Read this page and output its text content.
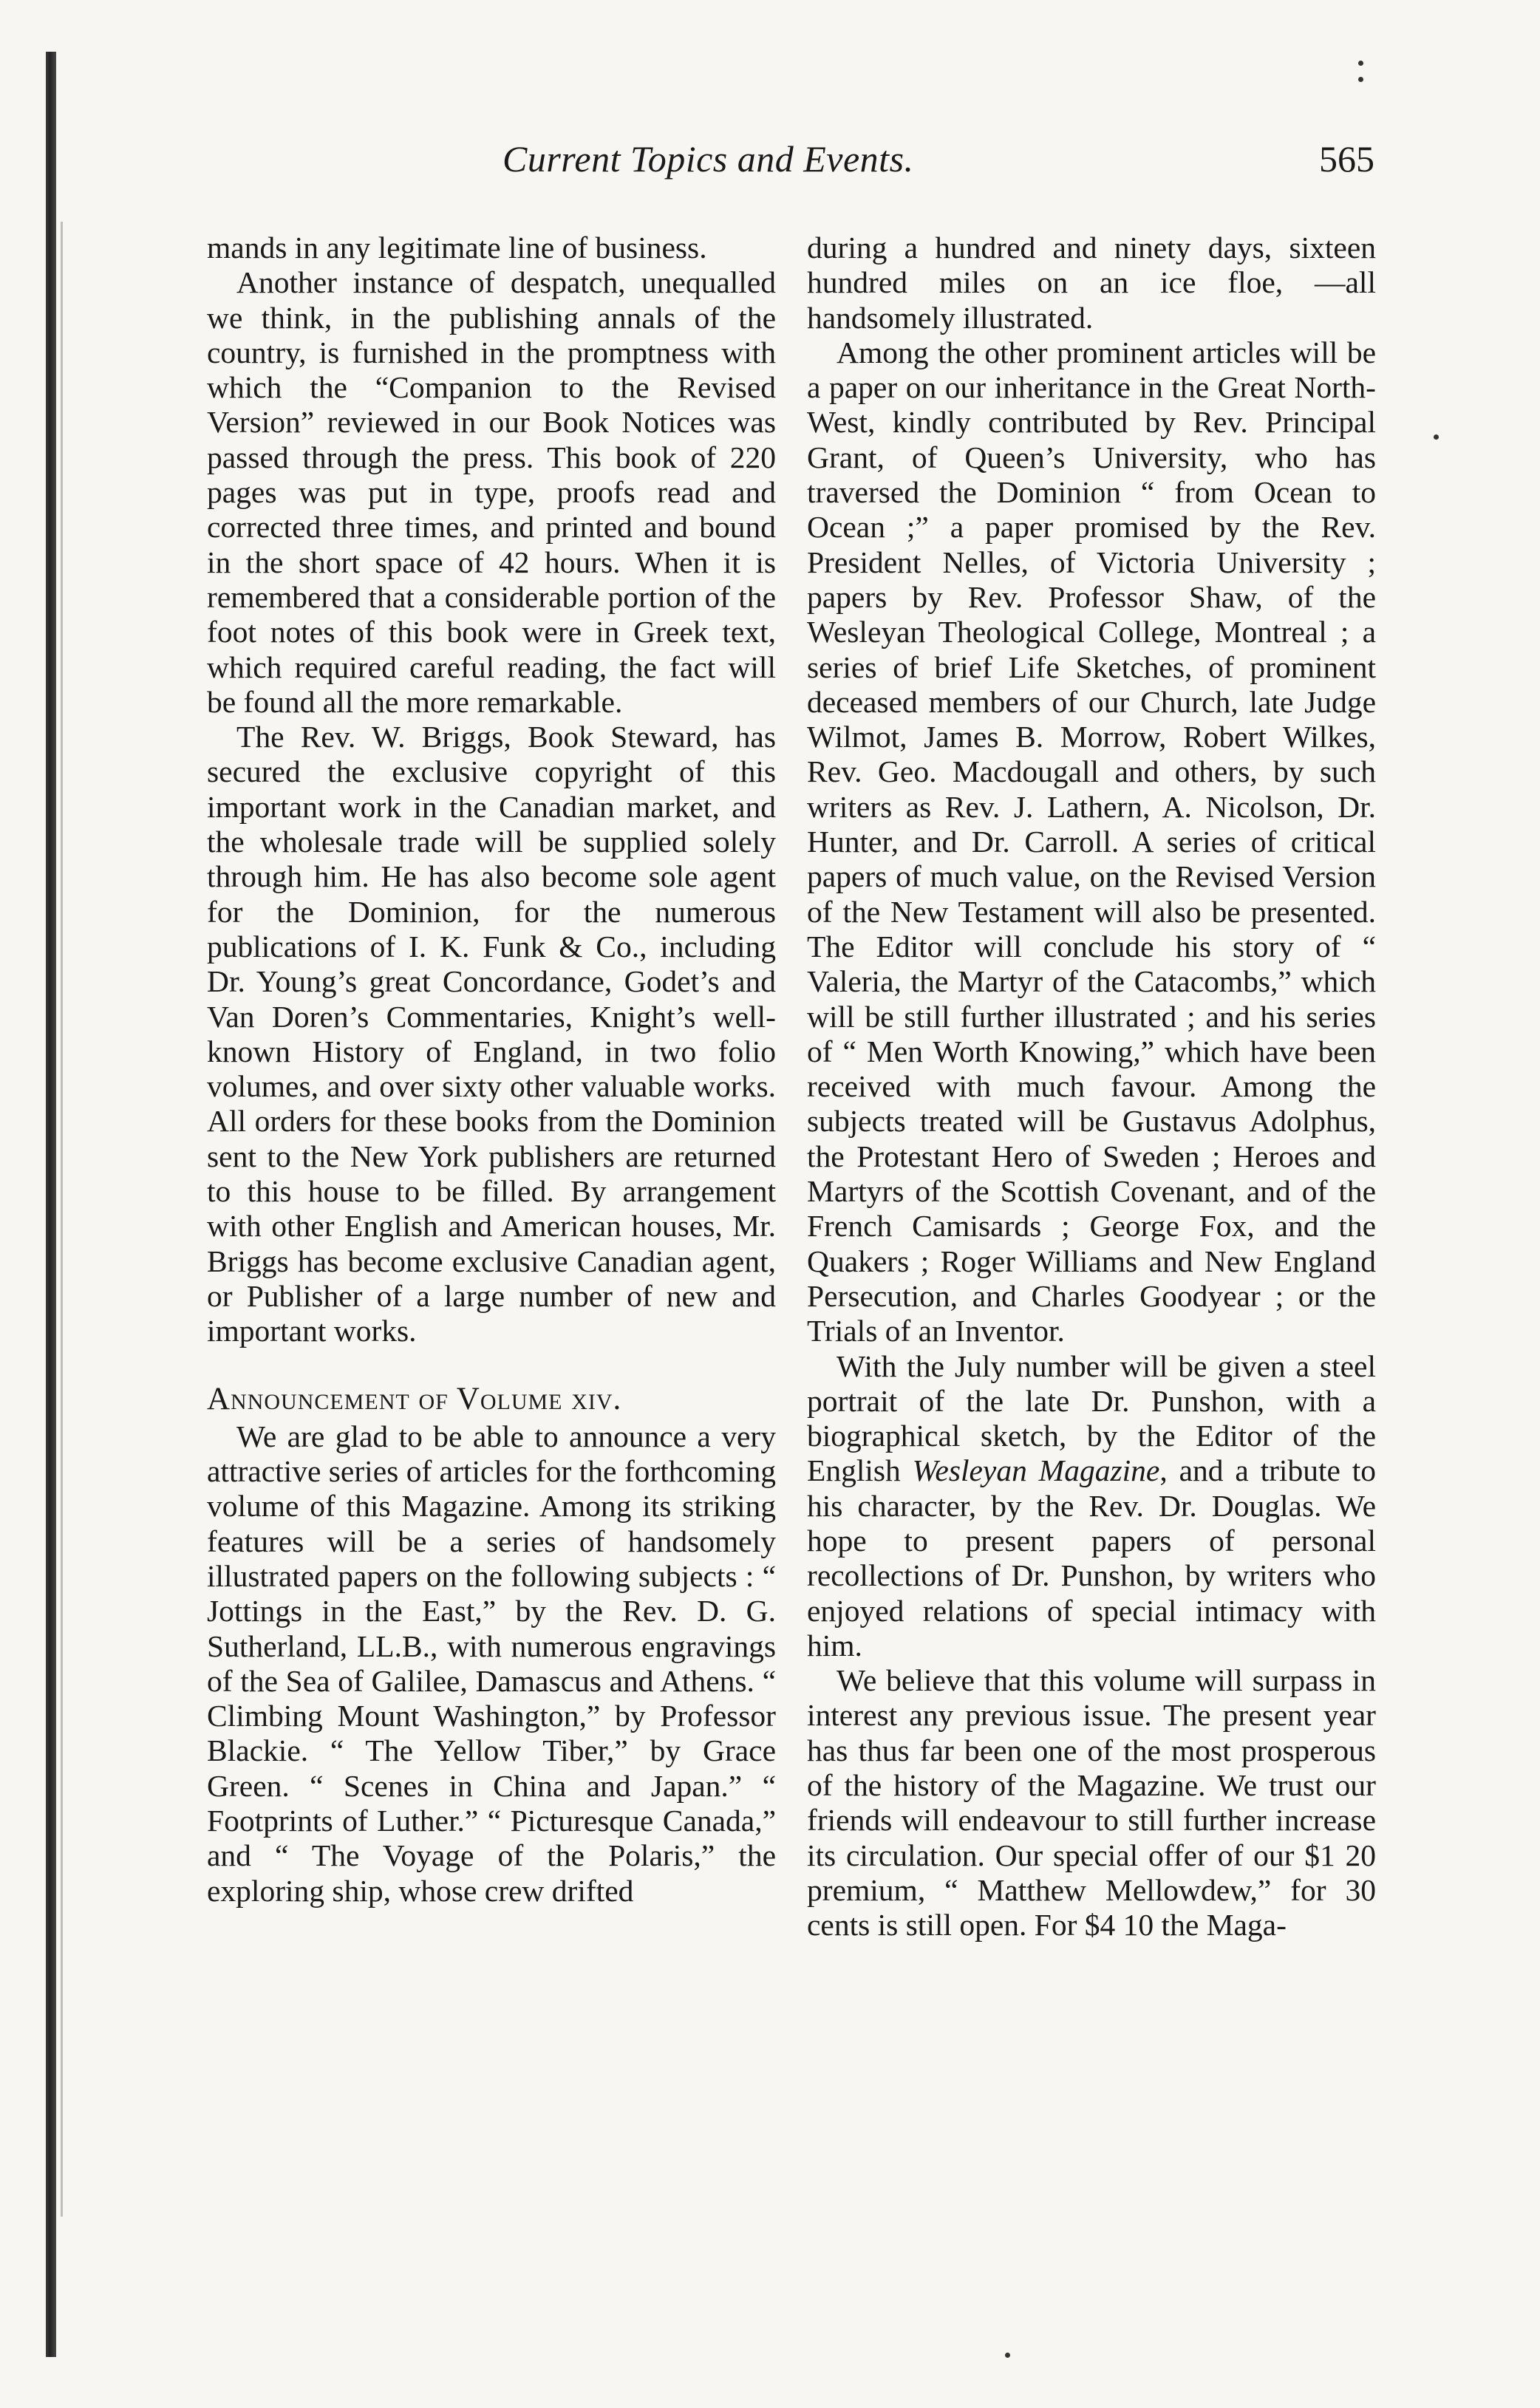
Current Topics and Events.	565

mands in any legitimate line of business.

Another instance of despatch, unequalled we think, in the publishing annals of the country, is furnished in the promptness with which the “Companion to the Revised Version” reviewed in our Book Notices was passed through the press. This book of 220 pages was put in type, proofs read and corrected three times, and printed and bound in the short space of 42 hours. When it is remembered that a considerable portion of the foot notes of this book were in Greek text, which required careful reading, the fact will be found all the more remarkable.

The Rev. W. Briggs, Book Steward, has secured the exclusive copyright of this important work in the Canadian market, and the wholesale trade will be supplied solely through him. He has also become sole agent for the Dominion, for the numerous publications of I. K. Funk & Co., including Dr. Young’s great Concordance, Godet’s and Van Doren’s Commentaries, Knight’s well-known History of England, in two folio volumes, and over sixty other valuable works. All orders for these books from the Dominion sent to the New York publishers are returned to this house to be filled. By arrangement with other English and American houses, Mr. Briggs has become exclusive Canadian agent, or Publisher of a large number of new and important works.

Announcement of Volume xiv.

We are glad to be able to announce a very attractive series of articles for the forthcoming volume of this Magazine. Among its striking features will be a series of handsomely illustrated papers on the following subjects : “ Jottings in the East,” by the Rev. D. G. Sutherland, LL.B., with numerous engravings of the Sea of Galilee, Damascus and Athens. “ Climbing Mount Washington,” by Professor Blackie. “ The Yellow Tiber,” by Grace Green. “ Scenes in China and Japan.” “ Footprints of Luther.” “ Picturesque Canada,” and “ The Voyage of the Polaris,” the exploring ship, whose crew drifted

during a hundred and ninety days, sixteen hundred miles on an ice floe, —all handsomely illustrated.

Among the other prominent articles will be a paper on our inheritance in the Great North-West, kindly contributed by Rev. Principal Grant, of Queen’s University, who has traversed the Dominion “ from Ocean to Ocean ;” a paper promised by the Rev. President Nelles, of Victoria University ; papers by Rev. Professor Shaw, of the Wesleyan Theological College, Montreal ; a series of brief Life Sketches, of prominent deceased members of our Church, late Judge Wilmot, James B. Morrow, Robert Wilkes, Rev. Geo. Macdougall and others, by such writers as Rev. J. Lathern, A. Nicolson, Dr. Hunter, and Dr. Carroll. A series of critical papers of much value, on the Revised Version of the New Testament will also be presented. The Editor will conclude his story of “ Valeria, the Martyr of the Catacombs,” which will be still further illustrated ; and his series of “ Men Worth Knowing,” which have been received with much favour. Among the subjects treated will be Gustavus Adolphus, the Protestant Hero of Sweden ; Heroes and Martyrs of the Scottish Covenant, and of the French Camisards ; George Fox, and the Quakers ; Roger Williams and New England Persecution, and Charles Goodyear ; or the Trials of an Inventor.

With the July number will be given a steel portrait of the late Dr. Punshon, with a biographical sketch, by the Editor of the English Wesleyan Magazine, and a tribute to his character, by the Rev. Dr. Douglas. We hope to present papers of personal recollections of Dr. Punshon, by writers who enjoyed relations of special intimacy with him.

We believe that this volume will surpass in interest any previous issue. The present year has thus far been one of the most prosperous of the history of the Magazine. We trust our friends will endeavour to still further increase its circulation. Our special offer of our $1 20 premium, “ Matthew Mellowdew,” for 30 cents is still open. For $4 10 the Maga-
